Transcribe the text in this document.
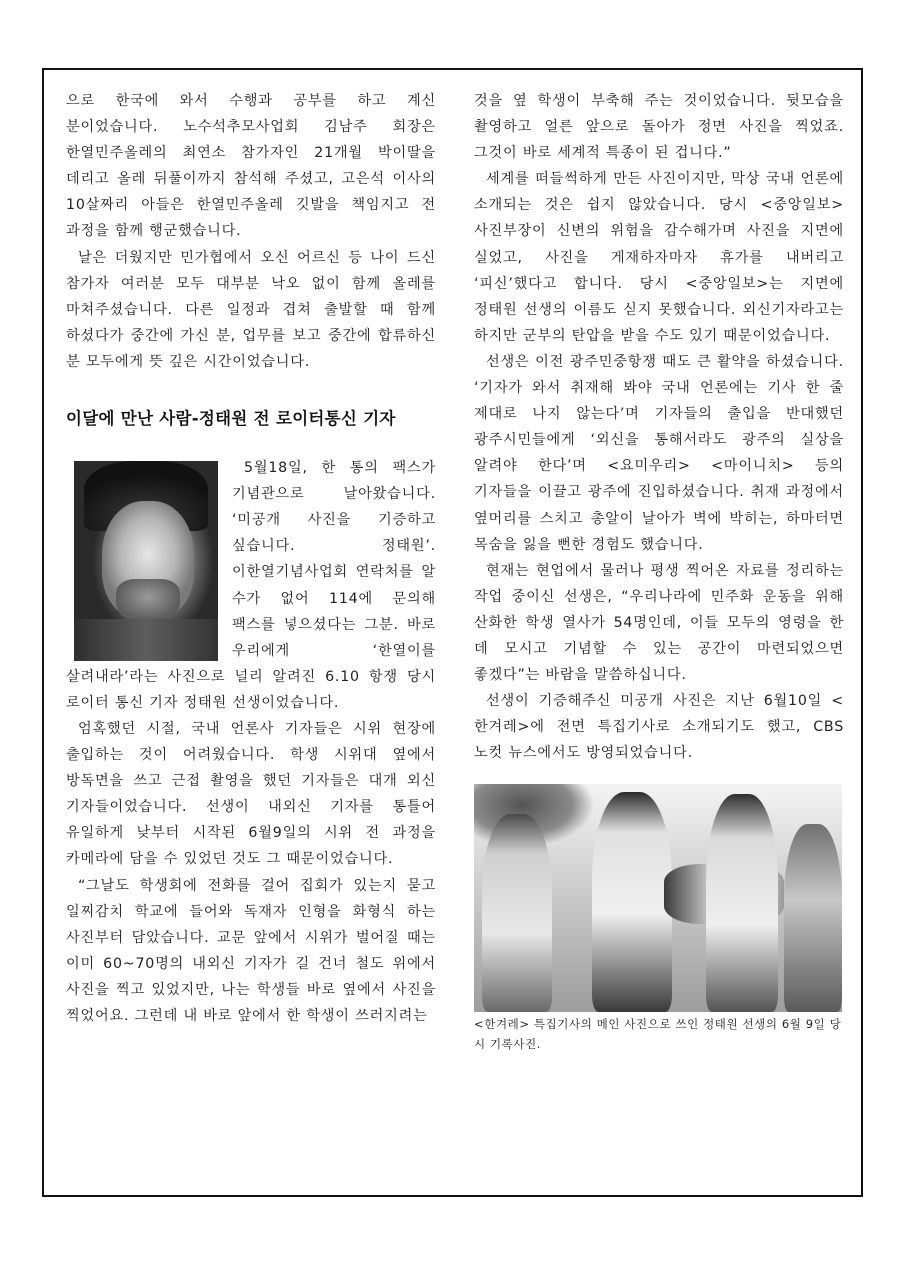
으로 한국에 와서 수행과 공부를 하고 계신 분이었습니다. 노수석추모사업회 김남주 회장은 한열민주올레의 최연소 참가자인 21개월 박이딸을 데리고 올레 뒤풀이까지 참석해 주셨고, 고은석 이사의 10살짜리 아들은 한열민주올레 깃발을 책임지고 전 과정을 함께 행군했습니다.

날은 더웠지만 민가협에서 오신 어르신 등 나이 드신 참가자 여러분 모두 대부분 낙오 없이 함께 올레를 마쳐주셨습니다. 다른 일정과 겹쳐 출발할 때 함께 하셨다가 중간에 가신 분, 업무를 보고 중간에 합류하신 분 모두에게 뜻 깊은 시간이었습니다.

이달에 만난 사람-정태원 전 로이터통신 기자

5월18일, 한 통의 팩스가 기념관으로 날아왔습니다. ‘미공개 사진을 기증하고 싶습니다. 정태원’. 이한열기념사업회 연락처를 알 수가 없어 114에 문의해 팩스를 넣으셨다는 그분. 바로 우리에게 ‘한열이를 살려내라’라는 사진으로 널리 알려진 6.10 항쟁 당시 로이터 통신 기자 정태원 선생이었습니다.

엄혹했던 시절, 국내 언론사 기자들은 시위 현장에 출입하는 것이 어려웠습니다. 학생 시위대 옆에서 방독면을 쓰고 근접 촬영을 했던 기자들은 대개 외신 기자들이었습니다. 선생이 내외신 기자를 통틀어 유일하게 낮부터 시작된 6월9일의 시위 전 과정을 카메라에 담을 수 있었던 것도 그 때문이었습니다.

“그날도 학생회에 전화를 걸어 집회가 있는지 묻고 일찌감치 학교에 들어와 독재자 인형을 화형식 하는 사진부터 담았습니다. 교문 앞에서 시위가 벌어질 때는 이미 60~70명의 내외신 기자가 길 건너 철도 위에서 사진을 찍고 있었지만, 나는 학생들 바로 옆에서 사진을 찍었어요. 그런데 내 바로 앞에서 한 학생이 쓰러지려는

것을 옆 학생이 부축해 주는 것이었습니다. 뒷모습을 촬영하고 얼른 앞으로 돌아가 정면 사진을 찍었죠. 그것이 바로 세계적 특종이 된 겁니다.”

세계를 떠들썩하게 만든 사진이지만, 막상 국내 언론에 소개되는 것은 쉽지 않았습니다. 당시 <중앙일보> 사진부장이 신변의 위험을 감수해가며 사진을 지면에 실었고, 사진을 게재하자마자 휴가를 내버리고 ‘피신’했다고 합니다. 당시 <중앙일보>는 지면에 정태원 선생의 이름도 싣지 못했습니다. 외신기자라고는 하지만 군부의 탄압을 받을 수도 있기 때문이었습니다.

선생은 이전 광주민중항쟁 때도 큰 활약을 하셨습니다. ‘기자가 와서 취재해 봐야 국내 언론에는 기사 한 줄 제대로 나지 않는다’며 기자들의 출입을 반대했던 광주시민들에게 ‘외신을 통해서라도 광주의 실상을 알려야 한다’며 <요미우리> <마이니치> 등의 기자들을 이끌고 광주에 진입하셨습니다. 취재 과정에서 옆머리를 스치고 총알이 날아가 벽에 박히는, 하마터면 목숨을 잃을 뻔한 경험도 했습니다.

현재는 현업에서 물러나 평생 찍어온 자료를 정리하는 작업 중이신 선생은, “우리나라에 민주화 운동을 위해 산화한 학생 열사가 54명인데, 이들 모두의 영령을 한 데 모시고 기념할 수 있는 공간이 마련되었으면 좋겠다”는 바람을 말씀하십니다.

선생이 기증해주신 미공개 사진은 지난 6월10일 <한겨레>에 전면 특집기사로 소개되기도 했고, CBS 노컷 뉴스에서도 방영되었습니다.

<한겨레> 특집기사의 메인 사진으로 쓰인 정태원 선생의 6월 9일 당시 기록사진.
